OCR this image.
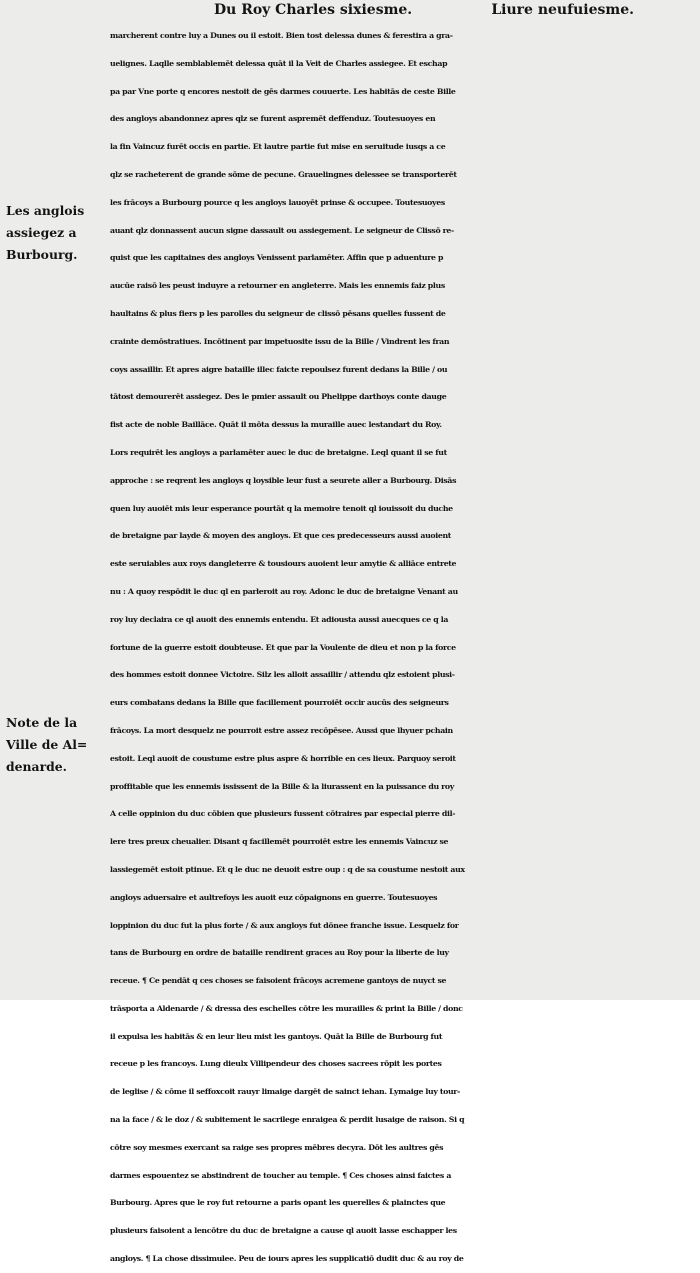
Du Roy Charles sixiesme.	Liure neufuiesme.
Les anglois
assiegez a
Burbourg.
Note de la
Ville de Al=
denarde.
marcherent contre luy a Dunes ou il estoit. Bien tost delessa dunes & ferestira a gra-
uelignes. Laqlle semblablemēt delessa quāt il la Veit de Charles assiegee. Et eschap
pa par Vne porte q encores nestoit de gēs darmes couuerte. Les habitās de ceste Bille
des angloys abandonnez apres qlz se furent aspremēt deffenduz. Toutesuoyes en
la fin Vaincuz furēt occis en partie. Et lautre partie fut mise en seruitude iusqs a ce
qlz se racheterent de grande sōme de pecune. Grauelingnes delessee se transporterēt
les frācoys a Burbourg pource q les angloys lauoyēt prinse & occupee. Toutesuoyes
auant qlz donnassent aucun signe dassault ou assiegement. Le seigneur de Clissō re-
quist que les capitaines des angloys Venissent parlamēter. Affin que p aduenture p
aucūe raisō les peust induyre a retourner en angleterre. Mais les ennemis faiz plus
haultains & plus fiers p les parolles du seigneur de clissō pēsans quelles fussent de
crainte demōstratiues. Incōtinent par impetuosite issu de la Bille / Vindrent les fran
coys assaillir. Et apres aigre bataille illec faicte repoulsez furent dedans la Bille / ou
tātost demourerēt assiegez. Des le pmier assault ou Phelippe darthoys conte dauge
fist acte de noble Baillāce. Quāt il mōta dessus la muraille auec lestandart du Roy.
Lors requirēt les angloys a parlamēter auec le duc de bretaigne. Leql quant il se fut
approche : se reqrent les angloys q loysible leur fust a seurete aller a Burbourg. Disās
quen luy auoiēt mis leur esperance pourtāt q la memoire tenoit ql iouissoit du duche
de bretaigne par layde & moyen des angloys. Et que ces predecesseurs aussi auoient
este seruiables aux roys dangleterre & tousiours auoient leur amytie & alliāce entrete
nu : A quoy respōdit le duc ql en parleroit au roy. Adonc le duc de bretaigne Venant au
roy luy declaira ce ql auoit des ennemis entendu. Et adiousta aussi auecques ce q la
fortune de la guerre estoit doubteuse. Et que par la Voulente de dieu et non p la force
des hommes estoit donnee Victoire. Silz les alloit assaillir / attendu qlz estoient plusi-
eurs combatans dedans la Bille que facillement pourroiēt occir aucūs des seigneurs
frācoys. La mort desquelz ne pourroit estre assez recōpēsee. Aussi que lhyuer pchain
estoit. Leql auoit de coustume estre plus aspre & horrible en ces lieux. Parquoy seroit
proffitable que les ennemis ississent de la Bille & la liurassent en la puissance du roy
A celle oppinion du duc cōbien que plusieurs fussent cōtraires par especial pierre dil-
lere tres preux cheualier. Disant q facillemēt pourroiēt estre les ennemis Vaincuz se
lassiegemēt estoit ptinue. Et q le duc ne deuoit estre oup : q de sa coustume nestoit aux
angloys aduersaire et aultrefoys les auoit euz cōpaignons en guerre. Toutesuoyes
loppinion du duc fut la plus forte / & aux angloys fut dōnee franche issue. Lesquelz for
tans de Burbourg en ordre de bataille rendirent graces au Roy pour la liberte de luy
receue. ¶ Ce pendāt q ces choses se faisoient frācoys acremene gantoys de nuyct se
trāsporta a Aldenarde / & dressa des eschelles cōtre les murailles & print la Bille / donc
il expulsa les habitās & en leur lieu mist les gantoys. Quāt la Bille de Burbourg fut
receue p les francoys. Lung dieulx Villipendeur des choses sacrees rōpit les portes
de leglise / & cōme il seffoxcoit rauyr limaige dargēt de sainct iehan. Lymaige luy tour-
na la face / & le doz / & subitement le sacrilege enraigea & perdit lusaige de raison. Si q
cōtre soy mesmes exercant sa raige ses propres mēbres decyra. Dōt les aultres gēs
darmes espouentez se abstindrent de toucher au temple. ¶ Ces choses ainsi faictes a
Burbourg. Apres que le roy fut retourne a paris opant les querelles & plainctes que
plusieurs faisoient a lencōtre du duc de bretaigne a cause ql auoit lasse eschapper les
angloys. ¶ La chose dissimulee. Peu de iours apres les supplicatiō dudit duc & au roy de
